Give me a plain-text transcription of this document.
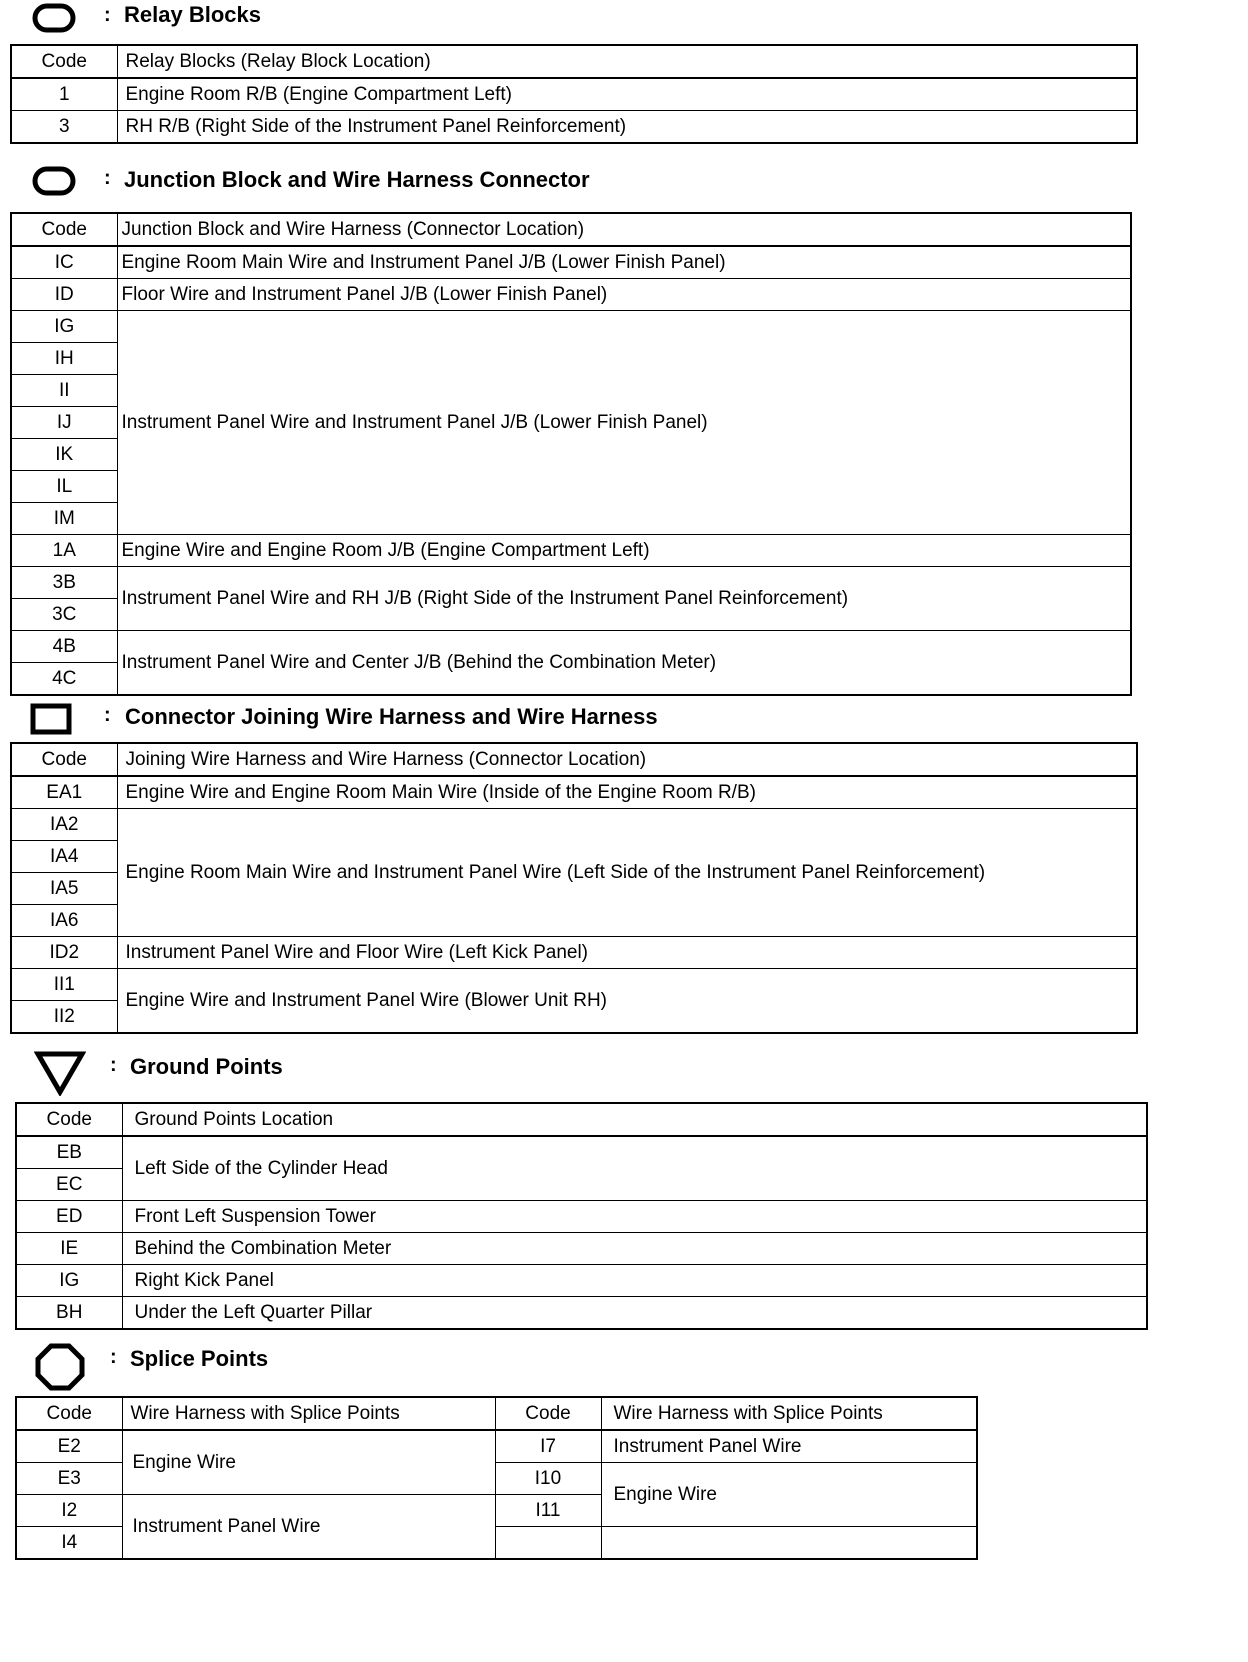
: Relay Blocks
Code	Relay Blocks (Relay Block Location)
1	Engine Room R/B (Engine Compartment Left)
3	RH R/B (Right Side of the Instrument Panel Reinforcement)
: Junction Block and Wire Harness Connector
Code	Junction Block and Wire Harness (Connector Location)
IC	Engine Room Main Wire and Instrument Panel J/B (Lower Finish Panel)
ID	Floor Wire and Instrument Panel J/B (Lower Finish Panel)
IG	Instrument Panel Wire and Instrument Panel J/B (Lower Finish Panel)
IH	
II	
IJ	
IK	
IL	
IM	
1A	Engine Wire and Engine Room J/B (Engine Compartment Left)
3B	Instrument Panel Wire and RH J/B (Right Side of the Instrument Panel Reinforcement)
3C	
4B	Instrument Panel Wire and Center J/B (Behind the Combination Meter)
4C	
: Connector Joining Wire Harness and Wire Harness
Code	Joining Wire Harness and Wire Harness (Connector Location)
EA1	Engine Wire and Engine Room Main Wire (Inside of the Engine Room R/B)
IA2	Engine Room Main Wire and Instrument Panel Wire (Left Side of the Instrument Panel Reinforcement)
IA4	
IA5	
IA6	
ID2	Instrument Panel Wire and Floor Wire (Left Kick Panel)
II1	Engine Wire and Instrument Panel Wire (Blower Unit RH)
II2	
: Ground Points
Code	Ground Points Location
EB	Left Side of the Cylinder Head
EC	
ED	Front Left Suspension Tower
IE	Behind the Combination Meter
IG	Right Kick Panel
BH	Under the Left Quarter Pillar
: Splice Points
Code	Wire Harness with Splice Points	Code	Wire Harness with Splice Points
E2	Engine Wire	I7	Instrument Panel Wire
E3		I10	Engine Wire
I2	Instrument Panel Wire	I11	
I4			
